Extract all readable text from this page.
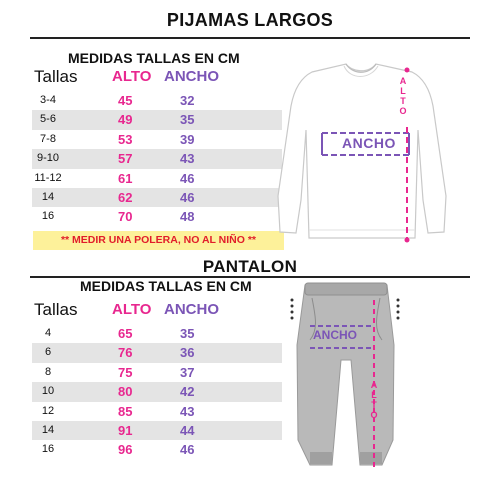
PIJAMAS LARGOS
MEDIDAS TALLAS EN CM
Tallas ALTO ANCHO
3-4	45	32
5-6	49	35
7-8	53	39
9-10	57	43
11-12	61	46
14	62	46
16	70	48
** MEDIR UNA POLERA, NO AL NIÑO **
ANCHO
ALTO
PANTALON
MEDIDAS TALLAS EN CM
Tallas ALTO ANCHO
4	65	35
6	76	36
8	75	37
10	80	42
12	85	43
14	91	44
16	96	46
ANCHO
ALTO
